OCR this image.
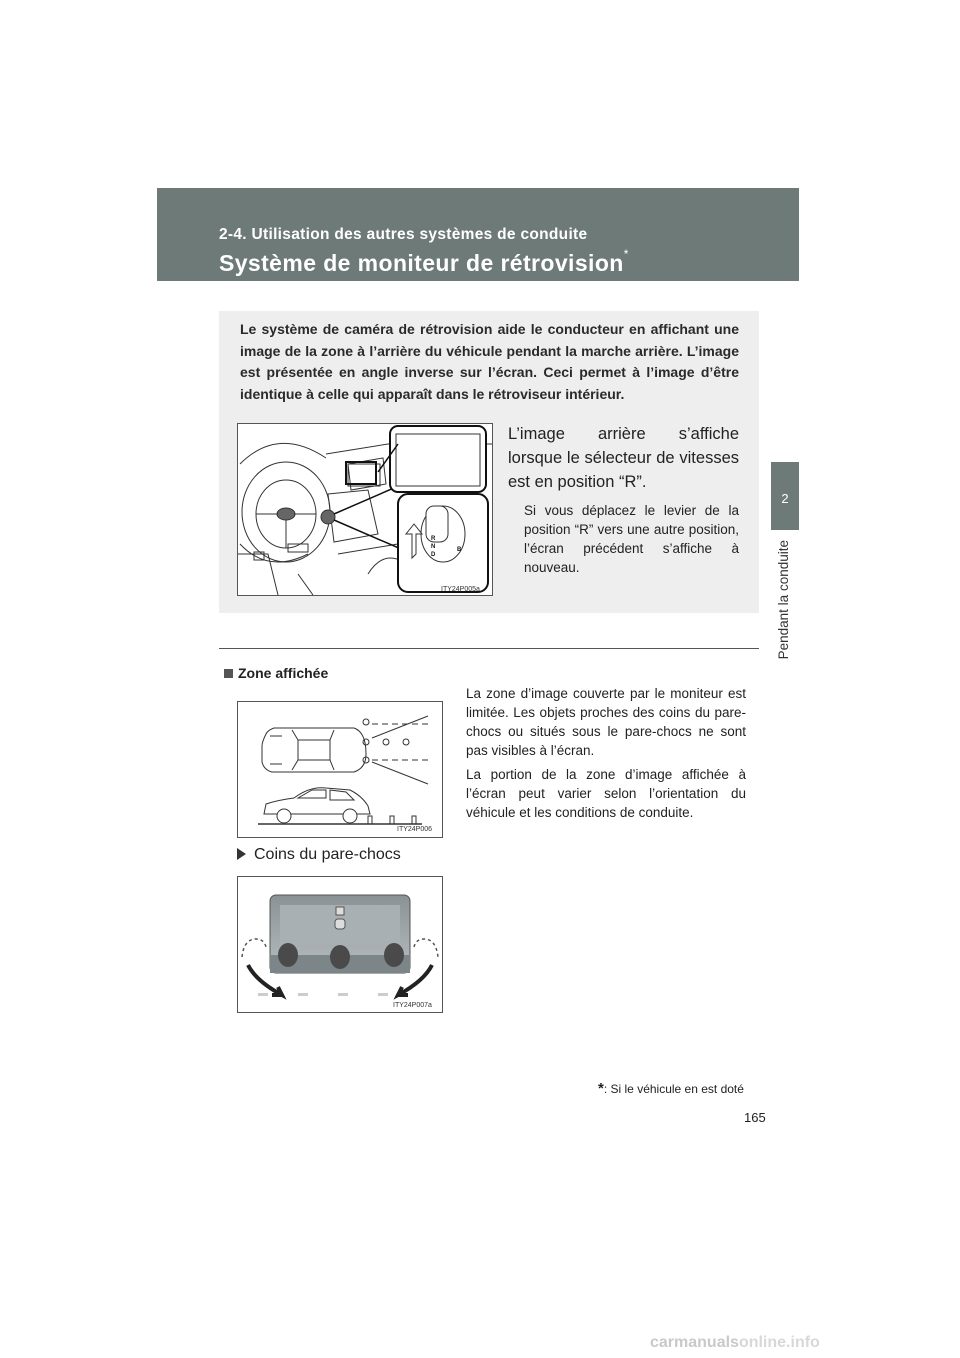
2-4. Utilisation des autres systèmes de conduite
Système de moniteur de rétrovision*
2
Pendant la conduite
Le système de caméra de rétrovision aide le conducteur en affichant une image de la zone à l’arrière du véhicule pendant la marche arrière. L’image est présentée en angle inverse sur l’écran. Ceci permet à l’image d’être identique à celle qui apparaît dans le rétroviseur intérieur.
R
N
D
B
ITY24P005a
L’image arrière s’affiche lorsque le sélecteur de vitesses est en position “R”.
Si vous déplacez le levier de la position “R” vers une autre position, l’écran précédent s’affiche à nouveau.
Zone affichée
ITY24P006
La zone d’image couverte par le moniteur est limitée. Les objets proches des coins du pare-chocs ou situés sous le pare-chocs ne sont pas visibles à l’écran.
La portion de la zone d’image affichée à l’écran peut varier selon l’orientation du véhicule et les conditions de conduite.
Coins du pare-chocs
ITY24P007a
*: Si le véhicule en est doté
165
carmanualsonline.info
